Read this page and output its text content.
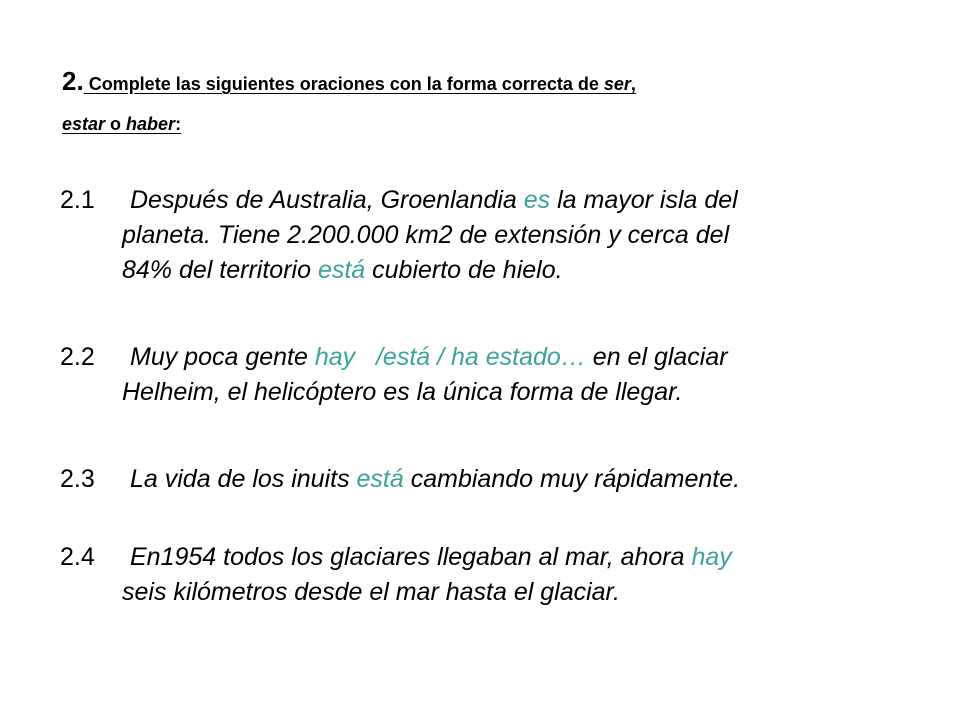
2. Complete las siguientes oraciones con la forma correcta de ser,
estar o haber:
2.1	Después de Australia, Groenlandia es la mayor isla del
planeta. Tiene 2.200.000 km2 de extensión y cerca del
84% del territorio está cubierto de hielo.
2.2	Muy poca gente hay   /está / ha estado… en el glaciar
Helheim, el helicóptero es la única forma de llegar.
2.3	La vida de los inuits está cambiando muy rápidamente.
2.4	En1954 todos los glaciares llegaban al mar, ahora hay
seis kilómetros desde el mar hasta el glaciar.
